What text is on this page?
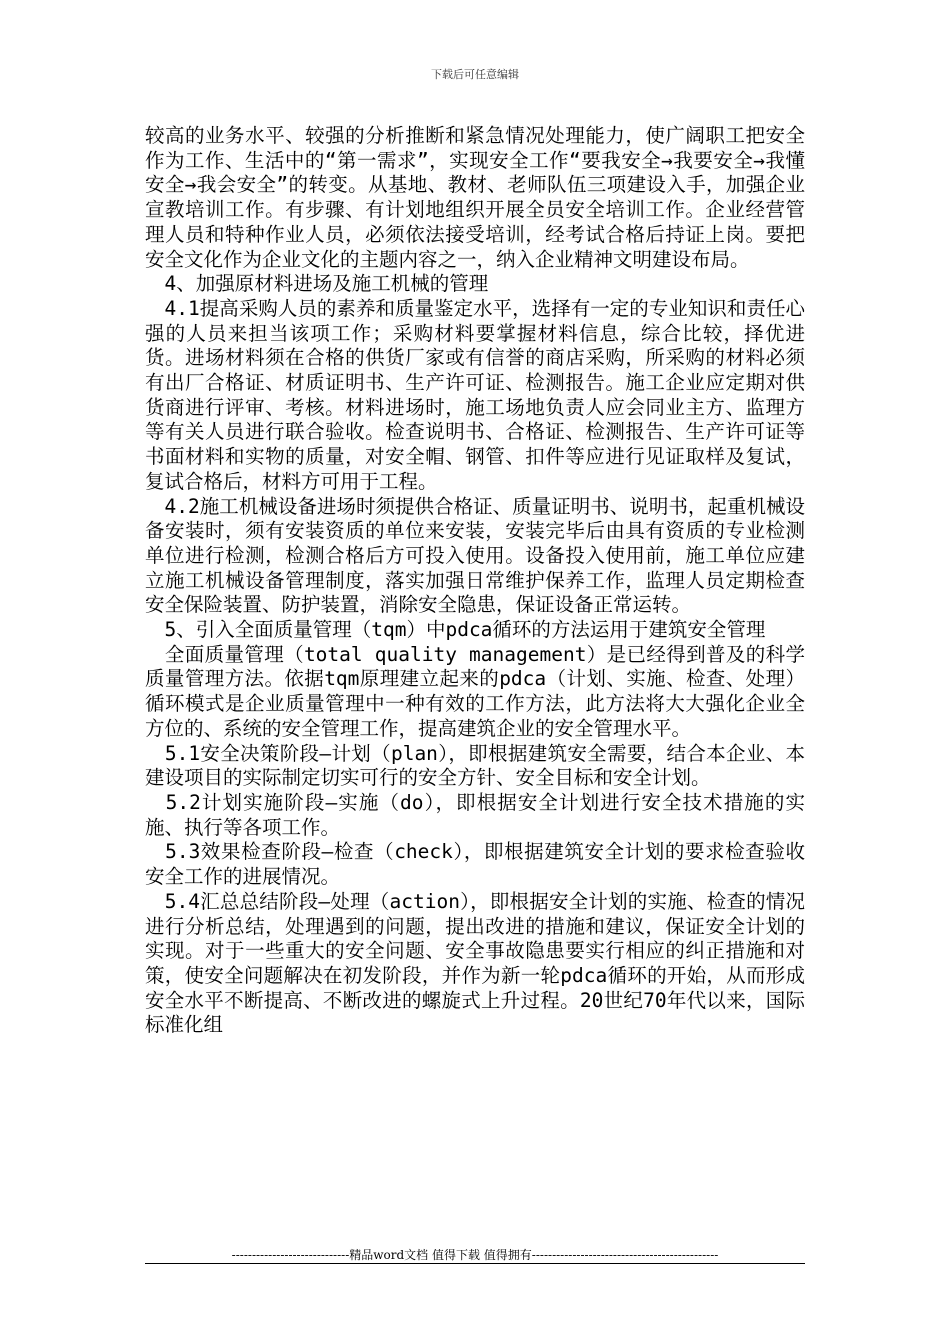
下载后可任意编辑

较高的业务水平、较强的分析推断和紧急情况处理能力，使广阔职工把安全作为工作、生活中的“第一需求”，实现安全工作“要我安全→我要安全→我懂安全→我会安全”的转变。从基地、教材、老师队伍三项建设入手，加强企业宣教培训工作。有步骤、有计划地组织开展全员安全培训工作。企业经营管理人员和特种作业人员，必须依法接受培训，经考试合格后持证上岗。要把安全文化作为企业文化的主题内容之一，纳入企业精神文明建设布局。

　4、加强原材料进场及施工机械的管理

　4.1提高采购人员的素养和质量鉴定水平，选择有一定的专业知识和责任心强的人员来担当该项工作；采购材料要掌握材料信息，综合比较，择优进货。进场材料须在合格的供货厂家或有信誉的商店采购，所采购的材料必须有出厂合格证、材质证明书、生产许可证、检测报告。施工企业应定期对供货商进行评审、考核。材料进场时，施工场地负责人应会同业主方、监理方等有关人员进行联合验收。检查说明书、合格证、检测报告、生产许可证等书面材料和实物的质量，对安全帽、钢管、扣件等应进行见证取样及复试，复试合格后，材料方可用于工程。

　4.2施工机械设备进场时须提供合格证、质量证明书、说明书，起重机械设备安装时，须有安装资质的单位来安装，安装完毕后由具有资质的专业检测单位进行检测，检测合格后方可投入使用。设备投入使用前，施工单位应建立施工机械设备管理制度，落实加强日常维护保养工作，监理人员定期检查安全保险装置、防护装置，消除安全隐患，保证设备正常运转。

　5、引入全面质量管理（tqm）中pdca循环的方法运用于建筑安全管理

　全面质量管理（total quality management）是已经得到普及的科学质量管理方法。依据tqm原理建立起来的pdca（计划、实施、检查、处理）循环模式是企业质量管理中一种有效的工作方法，此方法将大大强化企业全方位的、系统的安全管理工作，提高建筑企业的安全管理水平。

　5.1安全决策阶段—计划（plan），即根据建筑安全需要，结合本企业、本建设项目的实际制定切实可行的安全方针、安全目标和安全计划。

　5.2计划实施阶段—实施（do），即根据安全计划进行安全技术措施的实施、执行等各项工作。

　5.3效果检查阶段—检查（check），即根据建筑安全计划的要求检查验收安全工作的进展情况。

　5.4汇总总结阶段—处理（action），即根据安全计划的实施、检查的情况进行分析总结，处理遇到的问题，提出改进的措施和建议，保证安全计划的实现。对于一些重大的安全问题、安全事故隐患要实行相应的纠正措施和对策，使安全问题解决在初发阶段，并作为新一轮pdca循环的开始，从而形成安全水平不断提高、不断改进的螺旋式上升过程。20世纪70年代以来，国际标准化组

-----------------------------精品word文档 值得下载 值得拥有----------------------------------------------
